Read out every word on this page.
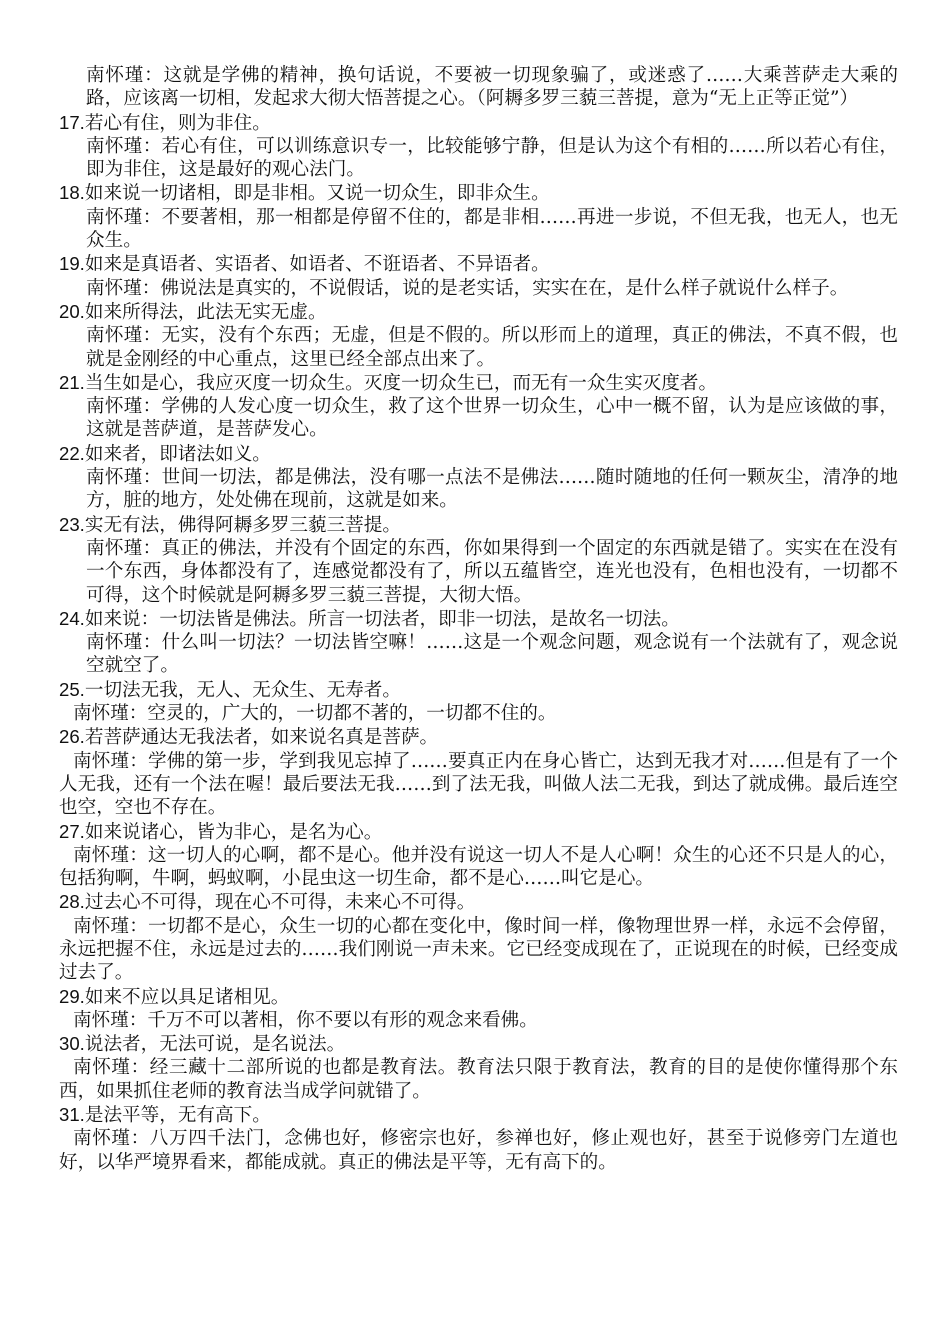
南怀瑾：这就是学佛的精神，换句话说，不要被一切现象骗了，或迷惑了……大乘菩萨走大乘的路，应该离一切相，发起求大彻大悟菩提之心。（阿耨多罗三藐三菩提，意为“无上正等正觉”）
17.若心有住，则为非住。
南怀瑾：若心有住，可以训练意识专一，比较能够宁静，但是认为这个有相的……所以若心有住，即为非住，这是最好的观心法门。
18.如来说一切诸相，即是非相。又说一切众生，即非众生。
南怀瑾：不要著相，那一相都是停留不住的，都是非相……再进一步说，不但无我，也无人，也无众生。
19.如来是真语者、实语者、如语者、不诳语者、不异语者。
南怀瑾：佛说法是真实的，不说假话，说的是老实话，实实在在，是什么样子就说什么样子。
20.如来所得法，此法无实无虚。
南怀瑾：无实，没有个东西；无虚，但是不假的。所以形而上的道理，真正的佛法，不真不假，也就是金刚经的中心重点，这里已经全部点出来了。
21.当生如是心，我应灭度一切众生。灭度一切众生已，而无有一众生实灭度者。
南怀瑾：学佛的人发心度一切众生，救了这个世界一切众生，心中一概不留，认为是应该做的事，这就是菩萨道，是菩萨发心。
22.如来者，即诸法如义。
南怀瑾：世间一切法，都是佛法，没有哪一点法不是佛法……随时随地的任何一颗灰尘，清净的地方，脏的地方，处处佛在现前，这就是如来。
23.实无有法，佛得阿耨多罗三藐三菩提。
南怀瑾：真正的佛法，并没有个固定的东西，你如果得到一个固定的东西就是错了。实实在在没有一个东西，身体都没有了，连感觉都没有了，所以五蕴皆空，连光也没有，色相也没有，一切都不可得，这个时候就是阿耨多罗三藐三菩提，大彻大悟。
24.如来说：一切法皆是佛法。所言一切法者，即非一切法，是故名一切法。
南怀瑾：什么叫一切法？一切法皆空嘛！……这是一个观念问题，观念说有一个法就有了，观念说空就空了。
25.一切法无我，无人、无众生、无寿者。
南怀瑾：空灵的，广大的，一切都不著的，一切都不住的。
26.若菩萨通达无我法者，如来说名真是菩萨。
南怀瑾：学佛的第一步，学到我见忘掉了……要真正内在身心皆亡，达到无我才对……但是有了一个人无我，还有一个法在喔！最后要法无我……到了法无我，叫做人法二无我，到达了就成佛。最后连空也空，空也不存在。
27.如来说诸心，皆为非心，是名为心。
南怀瑾：这一切人的心啊，都不是心。他并没有说这一切人不是人心啊！众生的心还不只是人的心，包括狗啊，牛啊，蚂蚁啊，小昆虫这一切生命，都不是心……叫它是心。
28.过去心不可得，现在心不可得，未来心不可得。
南怀瑾：一切都不是心，众生一切的心都在变化中，像时间一样，像物理世界一样，永远不会停留，永远把握不住，永远是过去的……我们刚说一声未来。它已经变成现在了，正说现在的时候，已经变成过去了。
29.如来不应以具足诸相见。
南怀瑾：千万不可以著相，你不要以有形的观念来看佛。
30.说法者，无法可说，是名说法。
南怀瑾：经三藏十二部所说的也都是教育法。教育法只限于教育法，教育的目的是使你懂得那个东西，如果抓住老师的教育法当成学问就错了。
31.是法平等，无有高下。
南怀瑾：八万四千法门，念佛也好，修密宗也好，参禅也好，修止观也好，甚至于说修旁门左道也好，以华严境界看来，都能成就。真正的佛法是平等，无有高下的。
